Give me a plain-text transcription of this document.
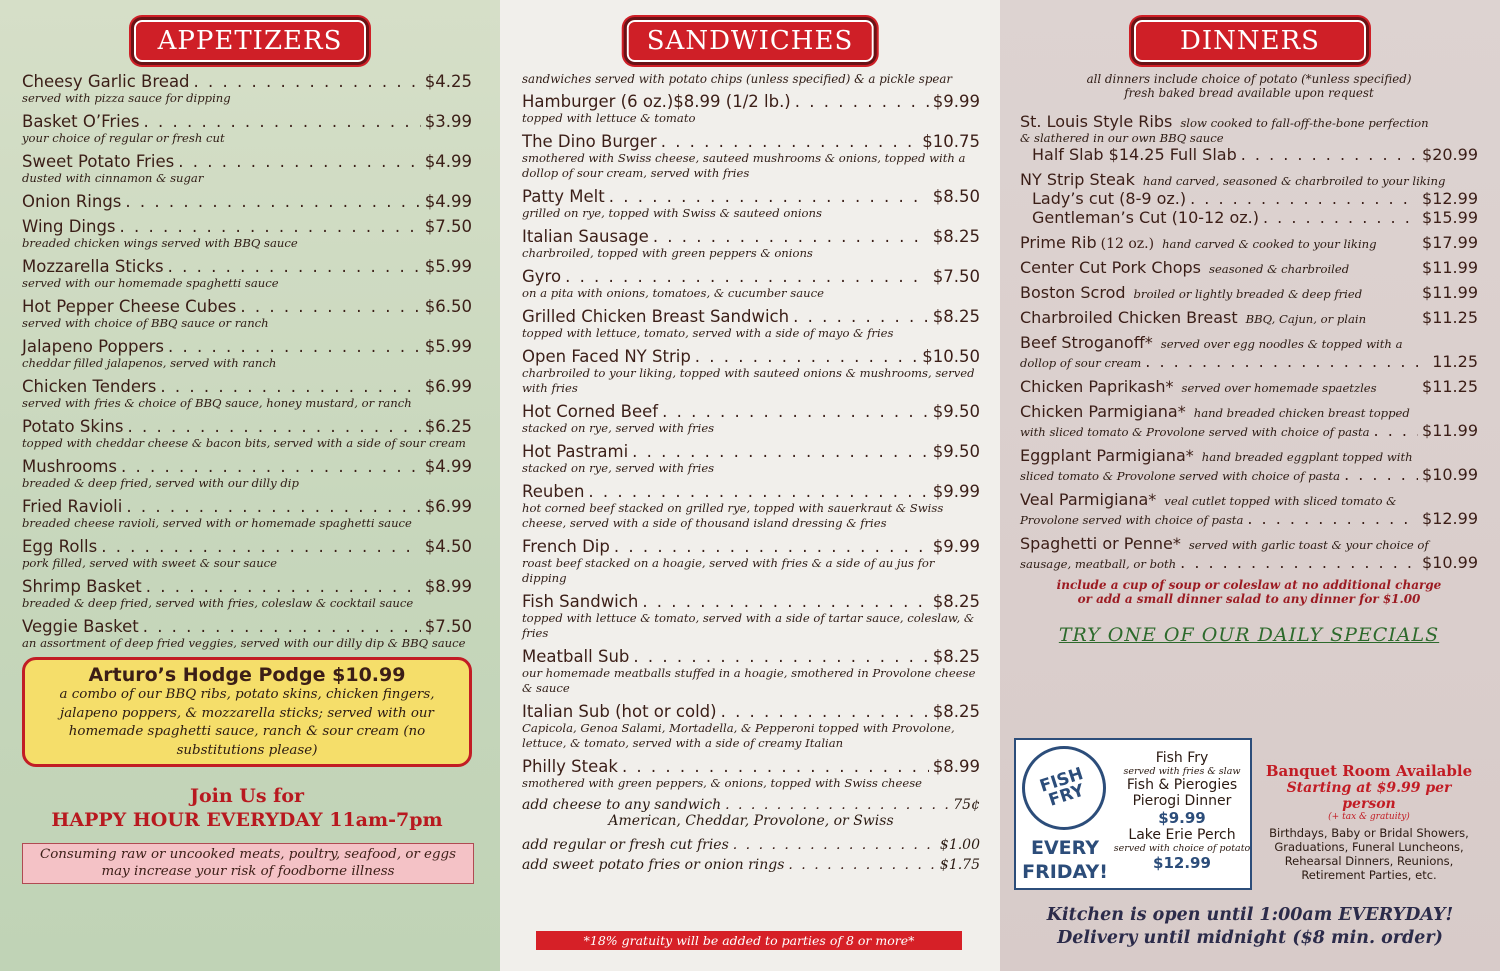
APPETIZERS
Cheesy Garlic Bread . . .	$4.25
served with pizza sauce for dipping
Basket O’Fries . . .	$3.99
your choice of regular or fresh cut
Sweet Potato Fries . . .	$4.99
dusted with cinnamon & sugar
Onion Rings . . .	$4.99
Wing Dings . . .	$7.50
breaded chicken wings served with BBQ sauce
Mozzarella Sticks . . .	$5.99
served with our homemade spaghetti sauce
Hot Pepper Cheese Cubes . . .	$6.50
served with choice of BBQ sauce or ranch
Jalapeno Poppers . . .	$5.99
cheddar filled jalapenos, served with ranch
Chicken Tenders . . .	$6.99
served with fries & choice of BBQ sauce, honey mustard, or ranch
Potato Skins . . .	$6.25
topped with cheddar cheese & bacon bits, served with a side of sour cream
Mushrooms . . .	$4.99
breaded & deep fried, served with our dilly dip
Fried Ravioli . . .	$6.99
breaded cheese ravioli, served with or homemade spaghetti sauce
Egg Rolls . . .	$4.50
pork filled, served with sweet & sour sauce
Shrimp Basket . . .	$8.99
breaded & deep fried, served with fries, coleslaw & cocktail sauce
Veggie Basket . . .	$7.50
an assortment of deep fried veggies, served with our dilly dip & BBQ sauce
Arturo’s Hodge Podge $10.99
a combo of our BBQ ribs, potato skins, chicken fingers, jalapeno poppers, & mozzarella sticks; served with our homemade spaghetti sauce, ranch & sour cream (no substitutions please)
Join Us for
HAPPY HOUR EVERYDAY 11am-7pm
Consuming raw or uncooked meats, poultry, seafood, or eggs may increase your risk of foodborne illness
SANDWICHES
sandwiches served with potato chips (unless specified) & a pickle spear
Hamburger (6 oz.)$8.99 (1/2 lb.) . . .	$9.99
topped with lettuce & tomato
The Dino Burger . . .	$10.75
smothered with Swiss cheese, sauteed mushrooms & onions, topped with a dollop of sour cream, served with fries
Patty Melt . . .	$8.50
grilled on rye, topped with Swiss & sauteed onions
Italian Sausage . . .	$8.25
charbroiled, topped with green peppers & onions
Gyro . . .	$7.50
on a pita with onions, tomatoes, & cucumber sauce
Grilled Chicken Breast Sandwich . . .	$8.25
topped with lettuce, tomato, served with a side of mayo & fries
Open Faced NY Strip . . .	$10.50
charbroiled to your liking, topped with sauteed onions & mushrooms, served with fries
Hot Corned Beef . . .	$9.50
stacked on rye, served with fries
Hot Pastrami . . .	$9.50
stacked on rye, served with fries
Reuben . . .	$9.99
hot corned beef stacked on grilled rye, topped with sauerkraut & Swiss cheese, served with a side of thousand island dressing & fries
French Dip . . .	$9.99
roast beef stacked on a hoagie, served with fries & a side of au jus for dipping
Fish Sandwich . . .	$8.25
topped with lettuce & tomato, served with a side of tartar sauce, coleslaw, & fries
Meatball Sub . . .	$8.25
our homemade meatballs stuffed in a hoagie, smothered in Provolone cheese & sauce
Italian Sub (hot or cold) . . .	$8.25
Capicola, Genoa Salami, Mortadella, & Pepperoni topped with Provolone, lettuce, & tomato, served with a side of creamy Italian
Philly Steak . . .	$8.99
smothered with green peppers, & onions, topped with Swiss cheese
add cheese to any sandwich . . .	75¢
American, Cheddar, Provolone, or Swiss
add regular or fresh cut fries . . .	$1.00
add sweet potato fries or onion rings . . .	$1.75
*18% gratuity will be added to parties of 8 or more*
DINNERS
all dinners include choice of potato (*unless specified)
fresh baked bread available upon request
St. Louis Style Ribs slow cooked to fall-off-the-bone perfection
& slathered in our own BBQ sauce
Half Slab $14.25 Full Slab . . .	$20.99
NY Strip Steak hand carved, seasoned & charbroiled to your liking
Lady’s cut (8-9 oz.) . . .	$12.99
Gentleman’s Cut (10-12 oz.) . . .	$15.99
Prime Rib (12 oz.) hand carved & cooked to your liking	$17.99
Center Cut Pork Chops seasoned & charbroiled	$11.99
Boston Scrod broiled or lightly breaded & deep fried	$11.99
Charbroiled Chicken Breast BBQ, Cajun, or plain	$11.25
Beef Stroganoff* served over egg noodles & topped with a
dollop of sour cream . . .	11.25
Chicken Paprikash* served over homemade spaetzles	$11.25
Chicken Parmigiana* hand breaded chicken breast topped
with sliced tomato & Provolone served with choice of pasta . . .	$11.99
Eggplant Parmigiana* hand breaded eggplant topped with
sliced tomato & Provolone served with choice of pasta . . .	$10.99
Veal Parmigiana* veal cutlet topped with sliced tomato &
Provolone served with choice of pasta . . .	$12.99
Spaghetti or Penne* served with garlic toast & your choice of
sausage, meatball, or both . . .	$10.99
include a cup of soup or coleslaw at no additional charge
or add a small dinner salad to any dinner for $1.00
TRY ONE OF OUR DAILY SPECIALS
FISH FRY
EVERY
FRIDAY!
Fish Fry
served with fries & slaw
Fish & Pierogies
Pierogi Dinner
$9.99
Lake Erie Perch
served with choice of potato
$12.99
Banquet Room Available
Starting at $9.99 per person
(+ tax & gratuity)
Birthdays, Baby or Bridal Showers, Graduations, Funeral Luncheons, Rehearsal Dinners, Reunions, Retirement Parties, etc.
Kitchen is open until 1:00am EVERYDAY!
Delivery until midnight ($8 min. order)
